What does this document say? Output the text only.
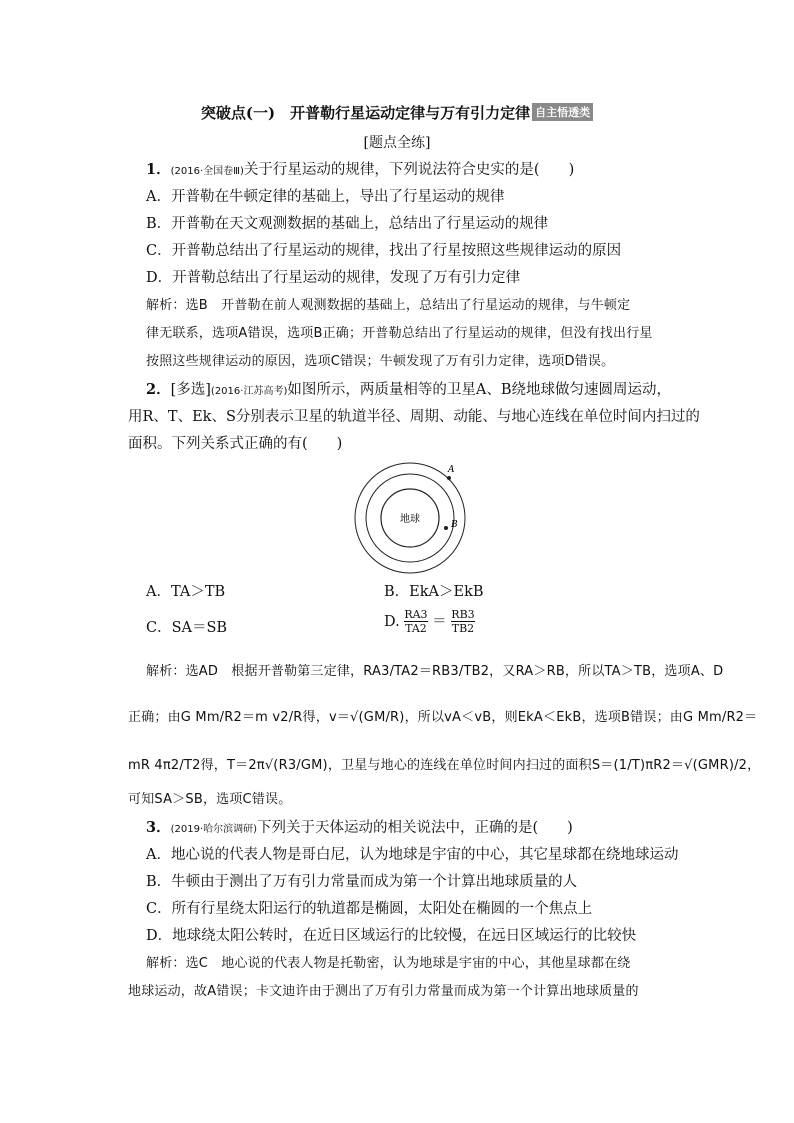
突破点(一)　开普勒行星运动定律与万有引力定律 自主悟透类
[题点全练]
1．(2016·全国卷Ⅲ)关于行星运动的规律，下列说法符合史实的是(　　)
A．开普勒在牛顿定律的基础上，导出了行星运动的规律
B．开普勒在天文观测数据的基础上，总结出了行星运动的规律
C．开普勒总结出了行星运动的规律，找出了行星按照这些规律运动的原因
D．开普勒总结出了行星运动的规律，发现了万有引力定律
解析：选B　开普勒在前人观测数据的基础上，总结出了行星运动的规律，与牛顿定
律无联系，选项A错误，选项B正确；开普勒总结出了行星运动的规律，但没有找出行星
按照这些规律运动的原因，选项C错误；牛顿发现了万有引力定律，选项D错误。
2．[多选](2016·江苏高考)如图所示，两质量相等的卫星A、B绕地球做匀速圆周运动，
用R、T、Ek、S分别表示卫星的轨道半径、周期、动能、与地心连线在单位时间内扫过的
面积。下列关系式正确的有(　　)
地球
A
B
A．TA＞TB	B．EkA＞EkB
C．SA＝SB	D. $\frac{RA3}{TA2} = \frac{RB3}{TB2}$
解析：选AD　根据开普勒第三定律，RA3/TA2＝RB3/TB2，又RA＞RB，所以TA＞TB，选项A、D
正确；由G Mm/R2＝m v2/R得，v＝√(GM/R)，所以vA＜vB，则EkA＜EkB，选项B错误；由G Mm/R2＝
mR 4π2/T2得，T＝2π√(R3/GM)，卫星与地心的连线在单位时间内扫过的面积S＝(1/T)πR2＝√(GMR)/2，
可知SA＞SB，选项C错误。
3．(2019·哈尔滨调研)下列关于天体运动的相关说法中，正确的是(　　)
A．地心说的代表人物是哥白尼，认为地球是宇宙的中心，其它星球都在绕地球运动
B．牛顿由于测出了万有引力常量而成为第一个计算出地球质量的人
C．所有行星绕太阳运行的轨道都是椭圆，太阳处在椭圆的一个焦点上
D．地球绕太阳公转时，在近日区域运行的比较慢，在远日区域运行的比较快
解析：选C　地心说的代表人物是托勒密，认为地球是宇宙的中心，其他星球都在绕
地球运动，故A错误；卡文迪许由于测出了万有引力常量而成为第一个计算出地球质量的
